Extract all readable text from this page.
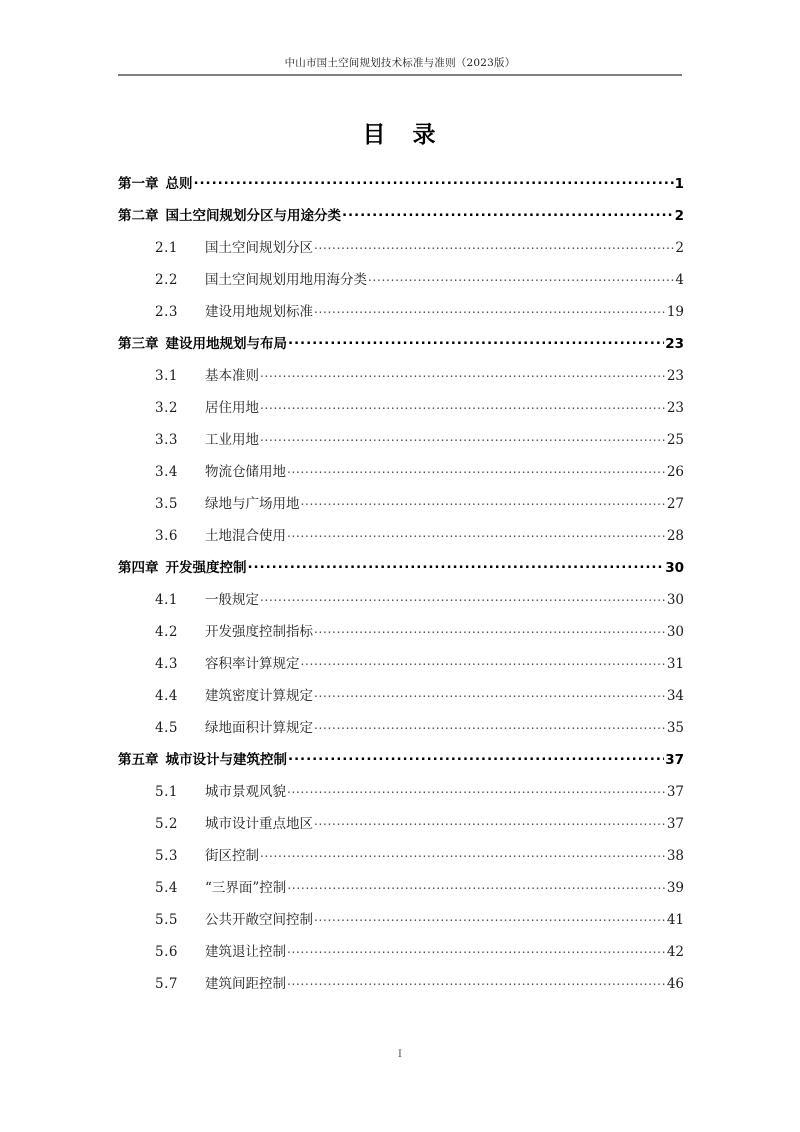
中山市国土空间规划技术标准与准则（2023版）
目　录
第一章 总则 .....	1
第二章 国土空间规划分区与用途分类 .....	2
2.1	国土空间规划分区 .....	2
2.2	国土空间规划用地用海分类 .....	4
2.3	建设用地规划标准 .....	19
第三章 建设用地规划与布局 .....	23
3.1	基本准则 .....	23
3.2	居住用地 .....	23
3.3	工业用地 .....	25
3.4	物流仓储用地 .....	26
3.5	绿地与广场用地 .....	27
3.6	土地混合使用 .....	28
第四章 开发强度控制 .....	30
4.1	一般规定 .....	30
4.2	开发强度控制指标 .....	30
4.3	容积率计算规定 .....	31
4.4	建筑密度计算规定 .....	34
4.5	绿地面积计算规定 .....	35
第五章 城市设计与建筑控制 .....	37
5.1	城市景观风貌 .....	37
5.2	城市设计重点地区 .....	37
5.3	街区控制 .....	38
5.4	“三界面”控制 .....	39
5.5	公共开敞空间控制 .....	41
5.6	建筑退让控制 .....	42
5.7	建筑间距控制 .....	46
I
